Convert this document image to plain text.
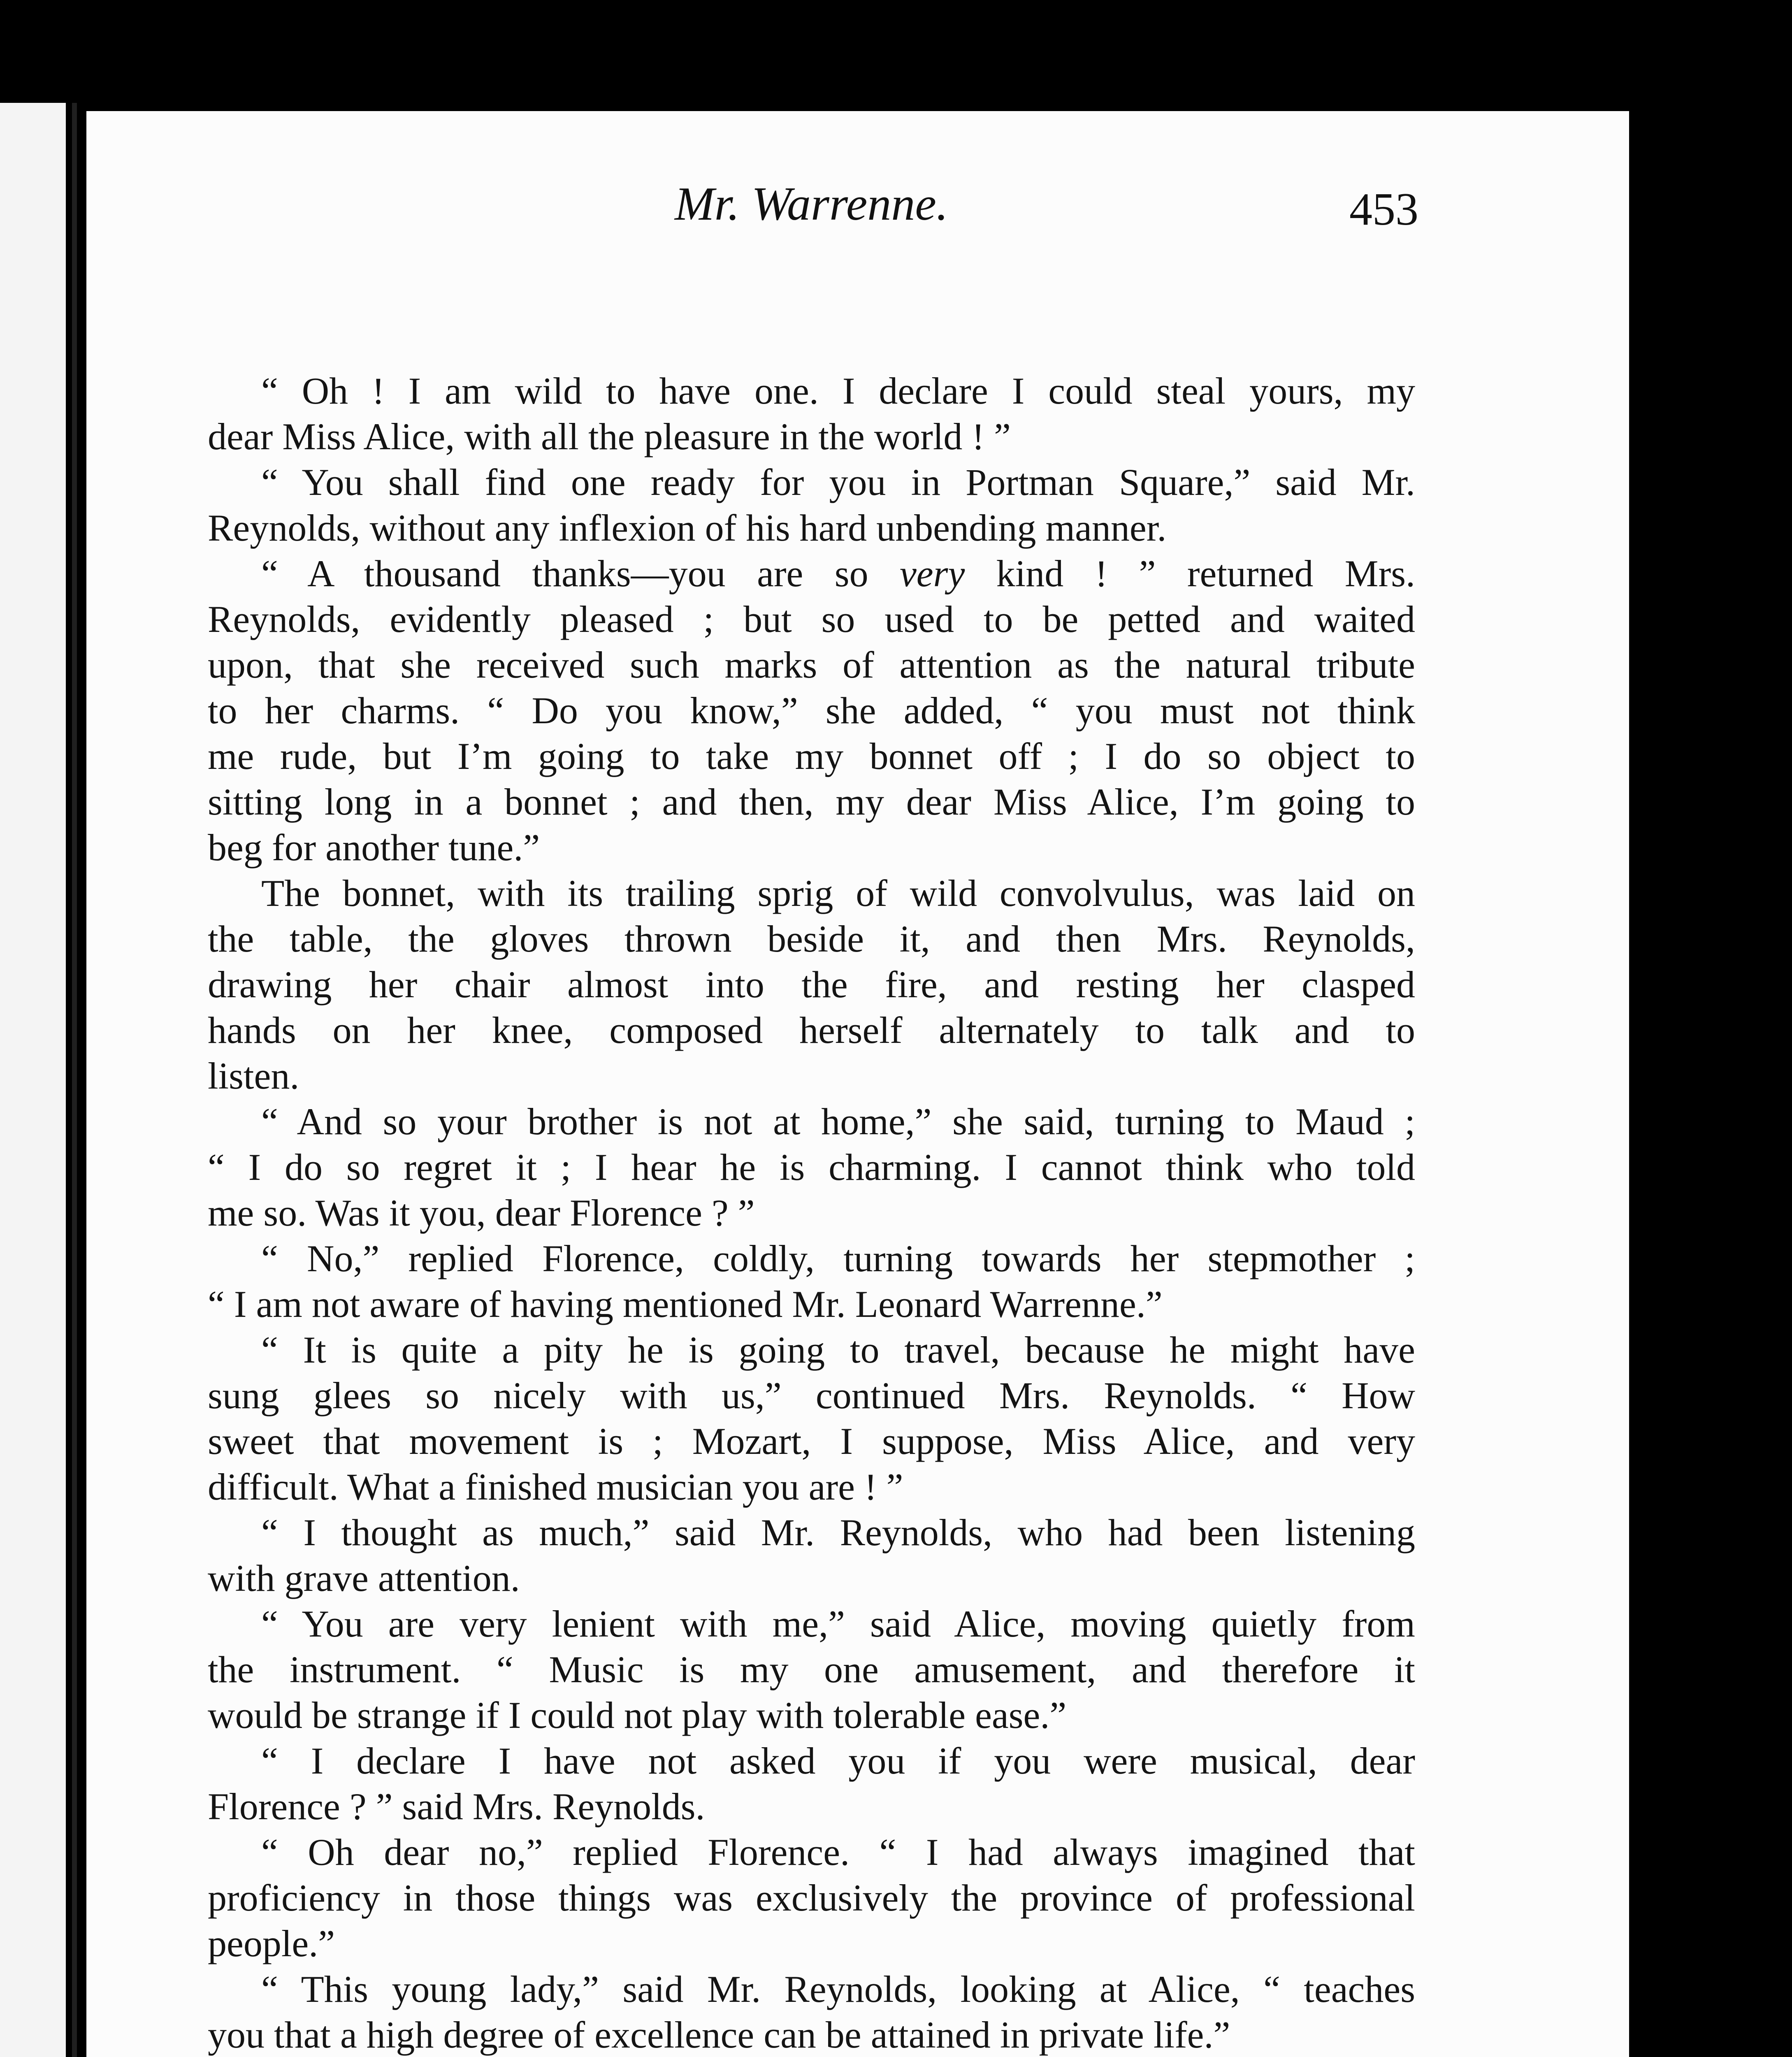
Mr. Warrenne.	453
“ Oh ! I am wild to have one. I declare I could steal yours, my
dear Miss Alice, with all the pleasure in the world ! ”
“ You shall find one ready for you in Portman Square,” said Mr.
Reynolds, without any inflexion of his hard unbending manner.
“ A thousand thanks—you are so very kind ! ” returned Mrs.
Reynolds, evidently pleased ; but so used to be petted and waited
upon, that she received such marks of attention as the natural tribute
to her charms. “ Do you know,” she added, “ you must not think
me rude, but I’m going to take my bonnet off ; I do so object to
sitting long in a bonnet ; and then, my dear Miss Alice, I’m going to
beg for another tune.”
The bonnet, with its trailing sprig of wild convolvulus, was laid on
the table, the gloves thrown beside it, and then Mrs. Reynolds,
drawing her chair almost into the fire, and resting her clasped
hands on her knee, composed herself alternately to talk and to
listen.
“ And so your brother is not at home,” she said, turning to Maud ;
“ I do so regret it ; I hear he is charming. I cannot think who told
me so. Was it you, dear Florence ? ”
“ No,” replied Florence, coldly, turning towards her stepmother ;
“ I am not aware of having mentioned Mr. Leonard Warrenne.”
“ It is quite a pity he is going to travel, because he might have
sung glees so nicely with us,” continued Mrs. Reynolds. “ How
sweet that movement is ; Mozart, I suppose, Miss Alice, and very
difficult. What a finished musician you are ! ”
“ I thought as much,” said Mr. Reynolds, who had been listening
with grave attention.
“ You are very lenient with me,” said Alice, moving quietly from
the instrument. “ Music is my one amusement, and therefore it
would be strange if I could not play with tolerable ease.”
“ I declare I have not asked you if you were musical, dear
Florence ? ” said Mrs. Reynolds.
“ Oh dear no,” replied Florence. “ I had always imagined that
proficiency in those things was exclusively the province of professional
people.”
“ This young lady,” said Mr. Reynolds, looking at Alice, “ teaches
you that a high degree of excellence can be attained in private life.”
